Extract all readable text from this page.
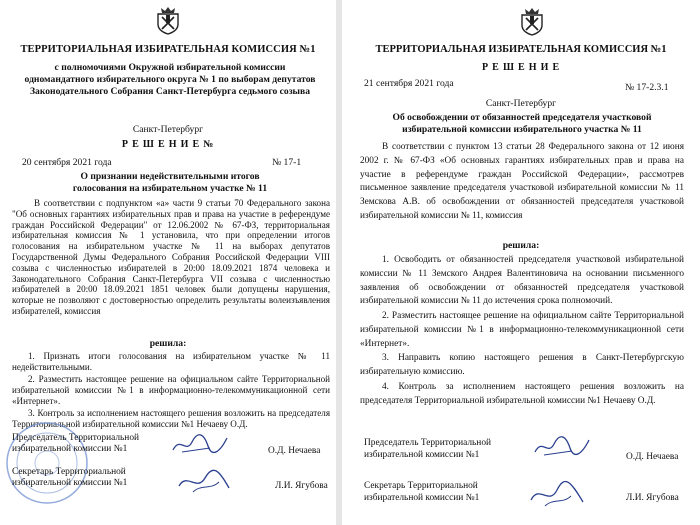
ТЕРРИТОРИАЛЬНАЯ ИЗБИРАТЕЛЬНАЯ КОМИССИЯ №1
с полномочиями Окружной избирательной комиссии одномандатного избирательного округа № 1 по выборам депутатов Законодательного Собрания Санкт-Петербурга седьмого созыва
Санкт-Петербург
Р Е Ш Е Н И Е №
20 сентября 2021 года	№ 17-1
О признании недействительными итогов голосования на избирательном участке № 11
В соответствии с подпунктом «а» части 9 статьи 70 Федерального закона "Об основных гарантиях избирательных прав и права на участие в референдуме граждан Российской Федерации" от 12.06.2002 № 67-ФЗ, территориальная избирательная комиссия № 1 установила, что при определении итогов голосования на избирательном участке № 11 на выборах депутатов Государственной Думы Федерального Собрания Российской Федерации VIII созыва с численностью избирателей в 20:00 18.09.2021 1874 человека и Законодательного Собрания Санкт-Петербурга VII созыва с численностью избирателей в 20:00 18.09.2021 1851 человек были допущены нарушения, которые не позволяют с достоверностью определить результаты волеизъявления избирателей, комиссия
решила:
1. Признать итоги голосования на избирательном участке № 11 недействительными.
2. Разместить настоящее решение на официальном сайте Территориальной избирательной комиссии №1 в информационно-телекоммуникационной сети «Интернет».
3. Контроль за исполнением настоящего решения возложить на председателя Территориальной избирательной комиссии №1 Нечаеву О.Д.
Председатель Территориальной избирательной комиссии №1	О.Д. Нечаева
Секретарь Территориальной избирательной комиссии №1	Л.И. Ягубова
ТЕРРИТОРИАЛЬНАЯ ИЗБИРАТЕЛЬНАЯ КОМИССИЯ №1
Р Е Ш Е Н И Е
21 сентября 2021 года	№ 17-2.3.1
Санкт-Петербург
Об освобождении от обязанностей председателя участковой избирательной комиссии избирательного участка № 11
В соответствии с пунктом 13 статьи 28 Федерального закона от 12 июня 2002 г. № 67-ФЗ «Об основных гарантиях избирательных прав и права на участие в референдуме граждан Российской Федерации», рассмотрев письменное заявление председателя участковой избирательной комиссии № 11 Земскова А.В. об освобождении от обязанностей председателя участковой избирательной комиссии № 11, комиссия
решила:
1. Освободить от обязанностей председателя участковой избирательной комиссии № 11 Земского Андрея Валентиновича на основании письменного заявления об освобождении от обязанностей председателя участковой избирательной комиссии № 11 до истечения срока полномочий.
2. Разместить настоящее решение на официальном сайте Территориальной избирательной комиссии №1 в информационно-телекоммуникационной сети «Интернет».
3. Направить копию настоящего решения в Санкт-Петербургскую избирательную комиссию.
4. Контроль за исполнением настоящего решения возложить на председателя Территориальной избирательной комиссии №1 Нечаеву О.Д.
Председатель Территориальной избирательной комиссии №1	О.Д. Нечаева
Секретарь Территориальной избирательной комиссии №1	Л.И. Ягубова
